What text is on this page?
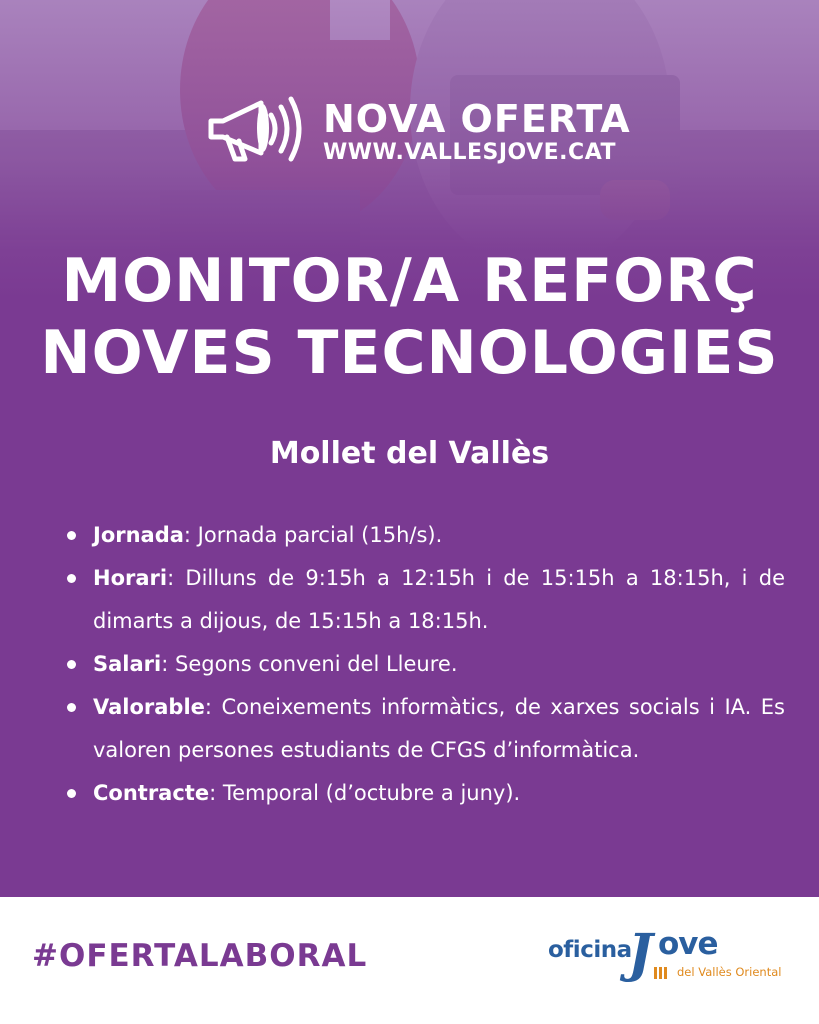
NOVA OFERTA
WWW.VALLESJOVE.CAT
MONITOR/A REFORÇ
NOVES TECNOLOGIES
Mollet del Vallès
Jornada: Jornada parcial (15h/s).
Horari: Dilluns de 9:15h a 12:15h i de 15:15h a 18:15h, i de dimarts a dijous, de 15:15h a 18:15h.
Salari: Segons conveni del Lleure.
Valorable: Coneixements informàtics, de xarxes socials i IA. Es valoren persones estudiants de CFGS d’informàtica.
Contracte: Temporal (d’octubre a juny).
#OFERTALABORAL	oficina
J ove
del Vallès Oriental
